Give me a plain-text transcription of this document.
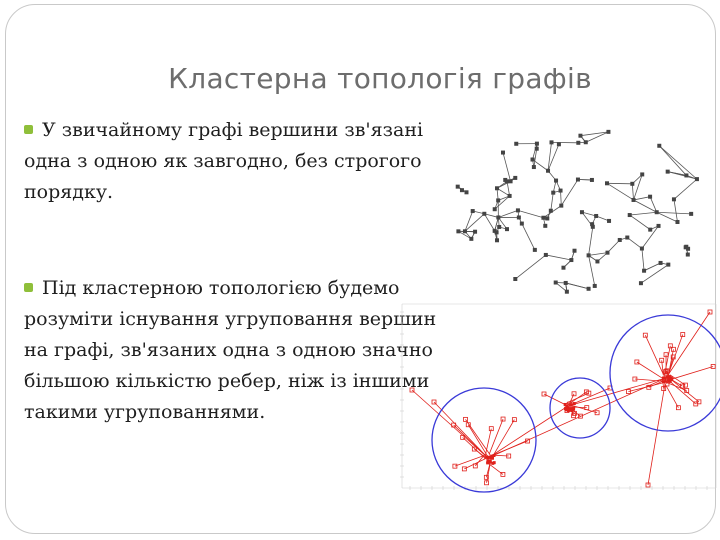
Кластерна топологія графів
У звичайному графі вершини зв'язані одна з одною як завгодно, без строгого порядку.
Під кластерною топологією будемо розуміти існування угруповання вершин на графі, зв'язаних одна з одною значно більшою кількістю ребер, ніж із іншими такими угрупованнями.
